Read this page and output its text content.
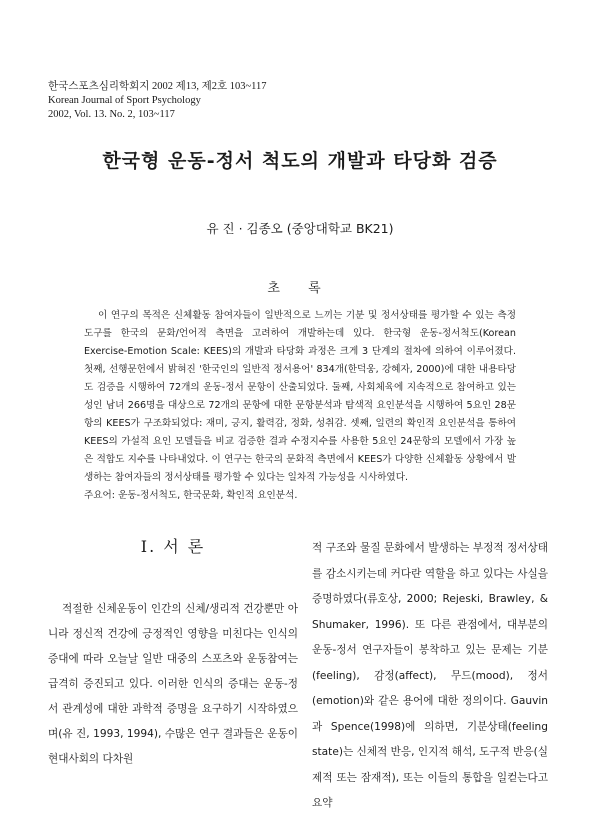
한국스포츠심리학회지 2002 제13, 제2호 103~117
Korean Journal of Sport Psychology
2002, Vol. 13. No. 2, 103~117
한국형 운동-정서 척도의 개발과 타당화 검증
유 진 · 김종오 (중앙대학교 BK21)
초 록
이 연구의 목적은 신체활동 참여자들이 일반적으로 느끼는 기분 및 정서상태를 평가할 수 있는 측정도구를 한국의 문화/언어적 측면을 고려하여 개발하는데 있다. 한국형 운동-정서척도(Korean Exercise-Emotion Scale: KEES)의 개발과 타당화 과정은 크게 3 단계의 절차에 의하여 이루어졌다. 첫째, 선행문헌에서 밝혀진 '한국인의 일반적 정서용어' 834개(한덕웅, 강혜자, 2000)에 대한 내용타당도 검증을 시행하여 72개의 운동-정서 문항이 산출되었다. 둘째, 사회체육에 지속적으로 참여하고 있는 성인 남녀 266명을 대상으로 72개의 문항에 대한 문항분석과 탐색적 요인분석을 시행하여 5요인 28문항의 KEES가 구조화되었다: 재미, 긍지, 활력감, 정화, 성취감. 셋째, 일련의 확인적 요인분석을 통하여 KEES의 가설적 요인 모델들을 비교 검증한 결과 수정지수를 사용한 5요인 24문항의 모델에서 가장 높은 적합도 지수를 나타내었다. 이 연구는 한국의 문화적 측면에서 KEES가 다양한 신체활동 상황에서 발생하는 참여자들의 정서상태를 평가할 수 있다는 일차적 가능성을 시사하였다.
주요어: 운동-정서척도, 한국문화, 확인적 요인분석.
I. 서 론
적절한 신체운동이 인간의 신체/생리적 건강뿐만 아니라 정신적 건강에 긍정적인 영향을 미친다는 인식의 증대에 따라 오늘날 일반 대중의 스포츠와 운동참여는 급격히 증진되고 있다. 이러한 인식의 증대는 운동-정서 관계성에 대한 과학적 증명을 요구하기 시작하였으며(유 진, 1993, 1994), 수많은 연구 결과들은 운동이 현대사회의 다차원
적 구조와 물질 문화에서 발생하는 부정적 정서상태를 감소시키는데 커다란 역할을 하고 있다는 사실을 증명하였다(류호상, 2000; Rejeski, Brawley, & Shumaker, 1996). 또 다른 관점에서, 대부분의 운동-정서 연구자들이 봉착하고 있는 문제는 기분(feeling), 감정(affect), 무드(mood), 정서(emotion)와 같은 용어에 대한 정의이다. Gauvin과 Spence(1998)에 의하면, 기분상태(feeling state)는 신체적 반응, 인지적 해석, 도구적 반응(실제적 또는 잠재적), 또는 이들의 통합을 일컫는다고 요약
